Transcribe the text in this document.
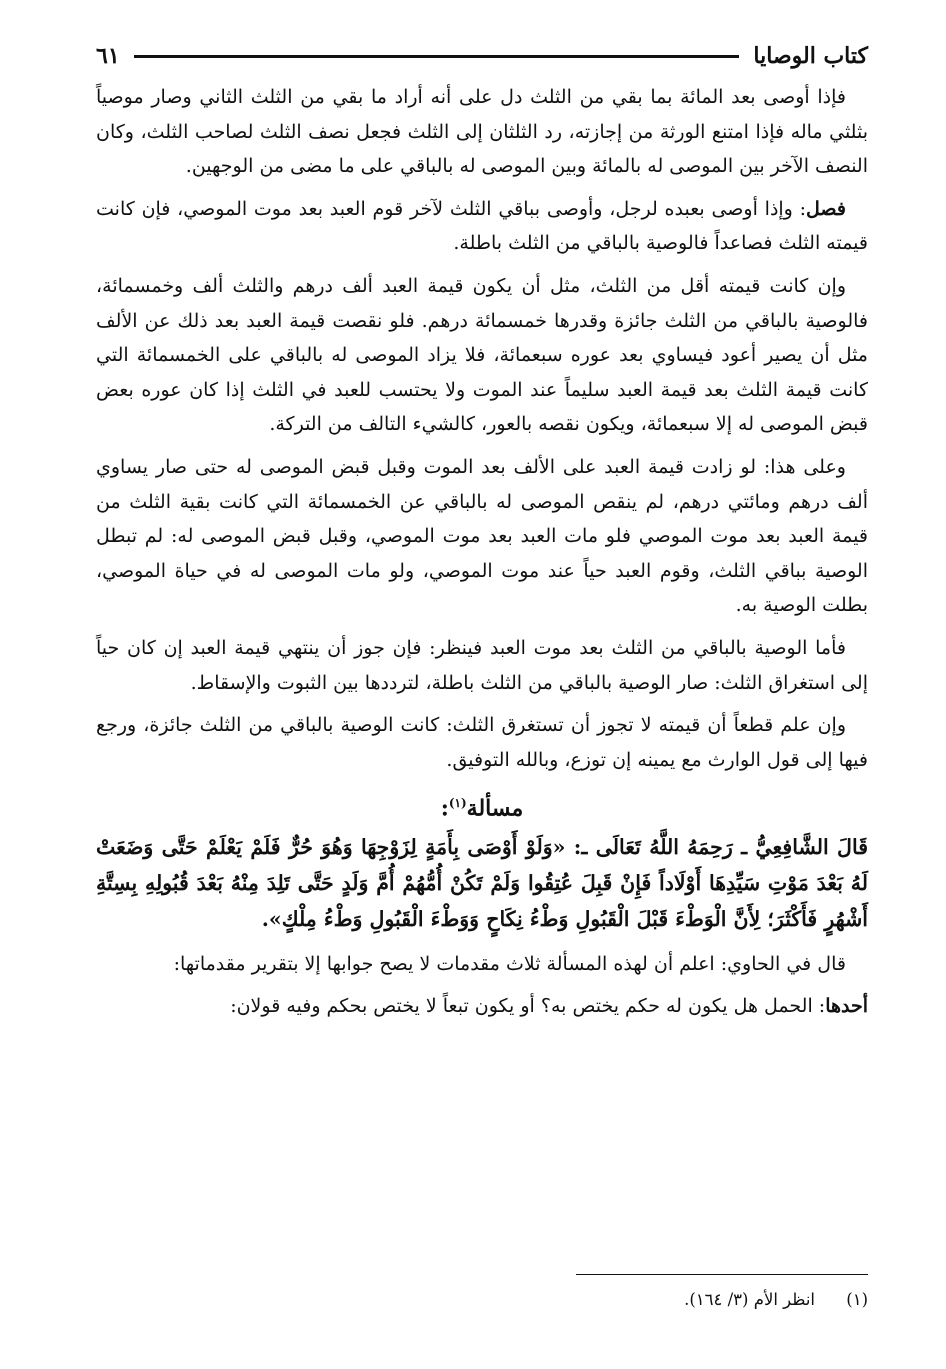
كتاب الوصايا
٦١

فإذا أوصى بعد المائة بما بقي من الثلث دل على أنه أراد ما بقي من الثلث الثاني وصار موصياً بثلثي ماله فإذا امتنع الورثة من إجازته، رد الثلثان إلى الثلث فجعل نصف الثلث لصاحب الثلث، وكان النصف الآخر بين الموصى له بالمائة وبين الموصى له بالباقي على ما مضى من الوجهين.

فصل: وإذا أوصى بعبده لرجل، وأوصى بباقي الثلث لآخر قوم العبد بعد موت الموصي، فإن كانت قيمته الثلث فصاعداً فالوصية بالباقي من الثلث باطلة.

وإن كانت قيمته أقل من الثلث، مثل أن يكون قيمة العبد ألف درهم والثلث ألف وخمسمائة، فالوصية بالباقي من الثلث جائزة وقدرها خمسمائة درهم. فلو نقصت قيمة العبد بعد ذلك عن الألف مثل أن يصير أعود فيساوي بعد عوره سبعمائة، فلا يزاد الموصى له بالباقي على الخمسمائة التي كانت قيمة الثلث بعد قيمة العبد سليماً عند الموت ولا يحتسب للعبد في الثلث إذا كان عوره بعض قبض الموصى له إلا سبعمائة، ويكون نقصه بالعور، كالشيء التالف من التركة.

وعلى هذا: لو زادت قيمة العبد على الألف بعد الموت وقبل قبض الموصى له حتى صار يساوي ألف درهم ومائتي درهم، لم ينقص الموصى له بالباقي عن الخمسمائة التي كانت بقية الثلث من قيمة العبد بعد موت الموصي فلو مات العبد بعد موت الموصي، وقبل قبض الموصى له: لم تبطل الوصية بباقي الثلث، وقوم العبد حياً عند موت الموصي، ولو مات الموصى له في حياة الموصي، بطلت الوصية به.

فأما الوصية بالباقي من الثلث بعد موت العبد فينظر: فإن جوز أن ينتهي قيمة العبد إن كان حياً إلى استغراق الثلث: صار الوصية بالباقي من الثلث باطلة، لترددها بين الثبوت والإسقاط.

وإن علم قطعاً أن قيمته لا تجوز أن تستغرق الثلث: كانت الوصية بالباقي من الثلث جائزة، ورجع فيها إلى قول الوارث مع يمينه إن توزع، وبالله التوفيق.

مسألة$^{(١)}$:
قَالَ الشَّافِعِيُّ ـ رَحِمَهُ اللَّهُ تَعَالَى ـ: «وَلَوْ أَوْصَى بِأَمَةٍ لِزَوْجِهَا وَهُوَ حُرٌّ فَلَمْ يَعْلَمْ حَتَّى وَضَعَتْ لَهُ بَعْدَ مَوْتِ سَيِّدِهَا أَوْلَاداً فَإِنْ قَبِلَ عُتِقُوا وَلَمْ تَكُنْ أُمُّهُمْ أُمَّ وَلَدٍ حَتَّى تَلِدَ مِنْهُ بَعْدَ قُبُولِهِ بِسِتَّةِ أَشْهُرٍ فَأَكْثَرَ؛ لِأَنَّ الْوَطْءَ قَبْلَ الْقَبُولِ وَطْءُ نِكَاحٍ وَوَطْءَ الْقَبُولِ وَطْءُ مِلْكٍ».

قال في الحاوي: اعلم أن لهذه المسألة ثلاث مقدمات لا يصح جوابها إلا بتقرير مقدماتها:

أحدها: الحمل هل يكون له حكم يختص به؟ أو يكون تبعاً لا يختص بحكم وفيه قولان:

(١) انظر الأم (٣/ ١٦٤).
